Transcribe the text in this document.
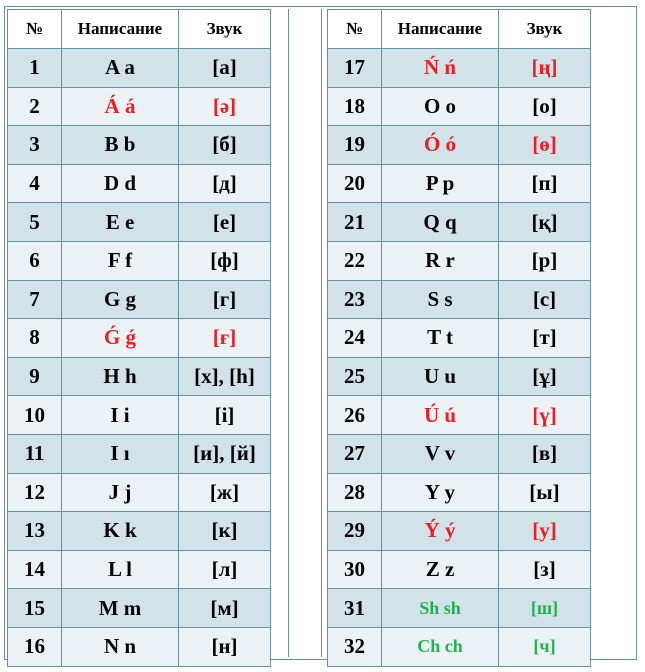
№	Написание	Звук
1	A a	[а]
2	Á á	[ә]
3	B b	[б]
4	D d	[д]
5	E e	[е]
6	F f	[ф]
7	G g	[г]
8	Ǵ ǵ	[ғ]
9	H h	[х], [h]
10	I i	[і]
11	I ı	[и], [й]
12	J j	[ж]
13	K k	[к]
14	L l	[л]
15	M m	[м]
16	N n	[н]
№	Написание	Звук
17	Ń ń	[ң]
18	O o	[о]
19	Ó ó	[ө]
20	P p	[п]
21	Q q	[қ]
22	R r	[р]
23	S s	[с]
24	T t	[т]
25	U u	[ұ]
26	Ú ú	[ү]
27	V v	[в]
28	Y y	[ы]
29	Ý ý	[у]
30	Z z	[з]
31	Sh sh	[ш]
32	Ch ch	[ч]
